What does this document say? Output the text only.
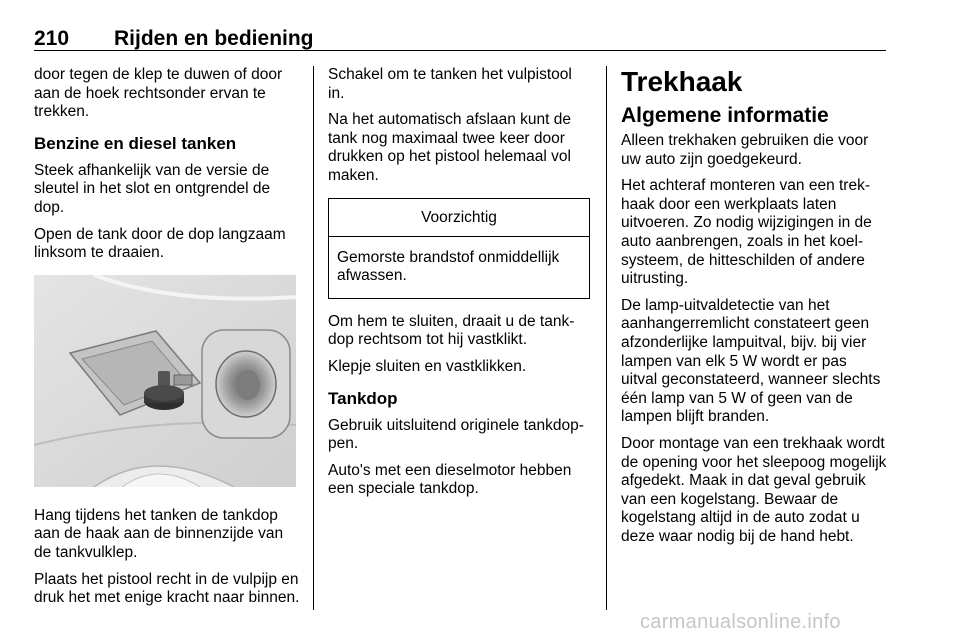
210 Rijden en bediening

door tegen de klep te duwen of door aan de hoek rechtsonder ervan te trekken.

Benzine en diesel tanken

Steek afhankelijk van de versie de sleutel in het slot en ontgrendel de dop.

Open de tank door de dop langzaam linksom te draaien.

Hang tijdens het tanken de tankdop aan de haak aan de binnenzijde van de tankvulklep.

Plaats het pistool recht in de vulpijp en druk het met enige kracht naar binnen.

Schakel om te tanken het vulpistool in.

Na het automatisch afslaan kunt de tank nog maximaal twee keer door drukken op het pistool helemaal vol maken.

Voorzichtig
Gemorste brandstof onmiddellijk afwassen.

Om hem te sluiten, draait u de tank-dop rechtsom tot hij vastklikt.

Klepje sluiten en vastklikken.

Tankdop

Gebruik uitsluitend originele tankdop-pen.

Auto's met een dieselmotor hebben een speciale tankdop.

Trekhaak
Algemene informatie

Alleen trekhaken gebruiken die voor uw auto zijn goedgekeurd.

Het achteraf monteren van een trek-haak door een werkplaats laten uitvoeren. Zo nodig wijzigingen in de auto aanbrengen, zoals in het koel-systeem, de hitteschilden of andere uitrusting.

De lamp-uitvaldetectie van het aanhangerremlicht constateert geen afzonderlijke lampuitval, bijv. bij vier lampen van elk 5 W wordt er pas uitval geconstateerd, wanneer slechts één lamp van 5 W of geen van de lampen blijft branden.

Door montage van een trekhaak wordt de opening voor het sleepoog mogelijk afgedekt. Maak in dat geval gebruik van een kogelstang. Bewaar de kogelstang altijd in de auto zodat u deze waar nodig bij de hand hebt.

carmanualsonline.info
